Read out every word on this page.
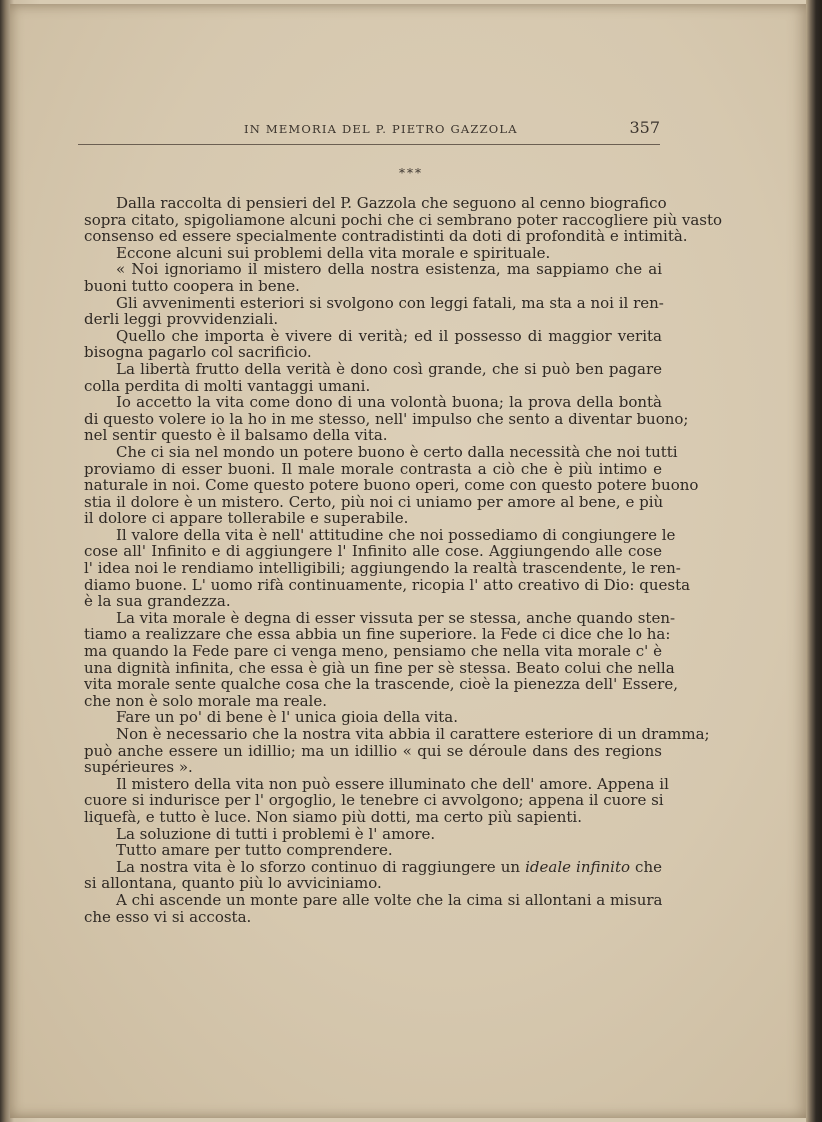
IN MEMORIA DEL P. PIETRO GAZZOLA	357
***
Dalla raccolta di pensieri del P. Gazzola che seguono al cenno biografico
sopra citato, spigoliamone alcuni pochi che ci sembrano poter raccogliere più vasto
consenso ed essere specialmente contradistinti da doti di profondità e intimità.
Eccone alcuni sui problemi della vita morale e spirituale.
« Noi ignoriamo il mistero della nostra esistenza, ma sappiamo che ai
buoni tutto coopera in bene.
Gli avvenimenti esteriori si svolgono con leggi fatali, ma sta a noi il ren-
derli leggi provvidenziali.
Quello che importa è vivere di verità; ed il possesso di maggior verita
bisogna pagarlo col sacrificio.
La libertà frutto della verità è dono così grande, che si può ben pagare
colla perdita di molti vantaggi umani.
Io accetto la vita come dono di una volontà buona; la prova della bontà
di questo volere io la ho in me stesso, nell' impulso che sento a diventar buono;
nel sentir questo è il balsamo della vita.
Che ci sia nel mondo un potere buono è certo dalla necessità che noi tutti
proviamo di esser buoni. Il male morale contrasta a ciò che è più intimo e
naturale in noi. Come questo potere buono operi, come con questo potere buono
stia il dolore è un mistero. Certo, più noi ci uniamo per amore al bene, e più
il dolore ci appare tollerabile e superabile.
Il valore della vita è nell' attitudine che noi possediamo di congiungere le
cose all' Infinito e di aggiungere l' Infinito alle cose. Aggiungendo alle cose
l' idea noi le rendiamo intelligibili; aggiungendo la realtà trascendente, le ren-
diamo buone. L' uomo rifà continuamente, ricopia l' atto creativo di Dio: questa
è la sua grandezza.
La vita morale è degna di esser vissuta per se stessa, anche quando sten-
tiamo a realizzare che essa abbia un fine superiore. la Fede ci dice che lo ha:
ma quando la Fede pare ci venga meno, pensiamo che nella vita morale c' è
una dignità infinita, che essa è già un fine per sè stessa. Beato colui che nella
vita morale sente qualche cosa che la trascende, cioè la pienezza dell' Essere,
che non è solo morale ma reale.
Fare un po' di bene è l' unica gioia della vita.
Non è necessario che la nostra vita abbia il carattere esteriore di un dramma;
può anche essere un idillio; ma un idillio « qui se déroule dans des regions
supérieures ».
Il mistero della vita non può essere illuminato che dell' amore. Appena il
cuore si indurisce per l' orgoglio, le tenebre ci avvolgono; appena il cuore si
liquefà, e tutto è luce. Non siamo più dotti, ma certo più sapienti.
La soluzione di tutti i problemi è l' amore.
Tutto amare per tutto comprendere.
La nostra vita è lo sforzo continuo di raggiungere un ideale infinito che
si allontana, quanto più lo avviciniamo.
A chi ascende un monte pare alle volte che la cima si allontani a misura
che esso vi si accosta.
